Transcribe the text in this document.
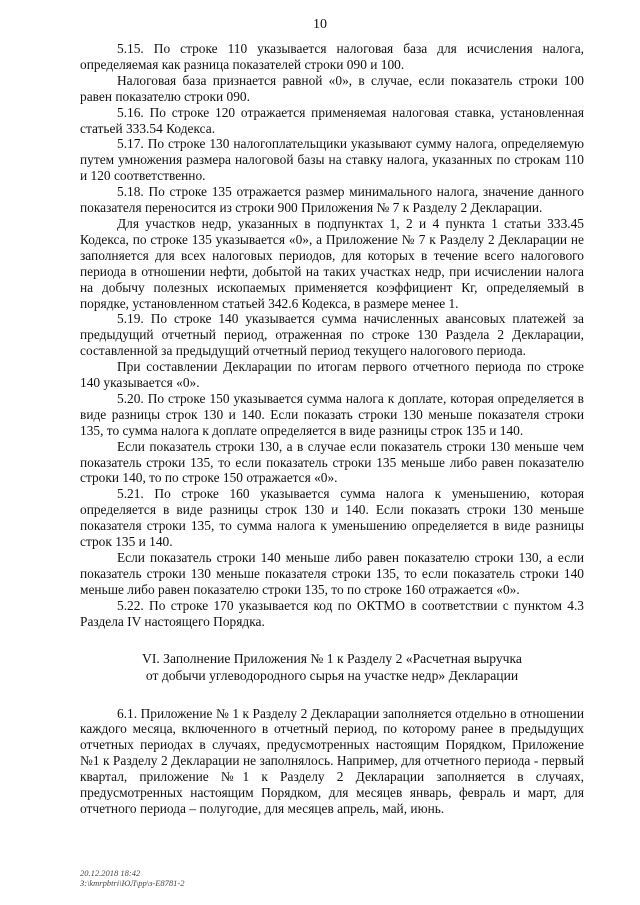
10

5.15. По строке 110 указывается налоговая база для исчисления налога, определяемая как разница показателей строки 090 и 100.

Налоговая база признается равной «0», в случае, если показатель строки 100 равен показателю строки 090.

5.16. По строке 120 отражается применяемая налоговая ставка, установленная статьей 333.54 Кодекса.

5.17. По строке 130 налогоплательщики указывают сумму налога, определяемую путем умножения размера налоговой базы на ставку налога, указанных по строкам 110 и 120 соответственно.

5.18. По строке 135 отражается размер минимального налога, значение данного показателя переносится из строки 900 Приложения № 7 к Разделу 2 Декларации.

Для участков недр, указанных в подпунктах 1, 2 и 4 пункта 1 статьи 333.45 Кодекса, по строке 135 указывается «0», а Приложение № 7 к Разделу 2 Декларации не заполняется для всех налоговых периодов, для которых в течение всего налогового периода в отношении нефти, добытой на таких участках недр, при исчислении налога на добычу полезных ископаемых применяется коэффициент Кг, определяемый в порядке, установленном статьей 342.6 Кодекса, в размере менее 1.

5.19. По строке 140 указывается сумма начисленных авансовых платежей за предыдущий отчетный период, отраженная по строке 130 Раздела 2 Декларации, составленной за предыдущий отчетный период текущего налогового периода.

При составлении Декларации по итогам первого отчетного периода по строке 140 указывается «0».

5.20. По строке 150 указывается сумма налога к доплате, которая определяется в виде разницы строк 130 и 140. Если показать строки 130 меньше показателя строки 135, то сумма налога к доплате определяется в виде разницы строк 135 и 140.

Если показатель строки 130, а в случае если показатель строки 130 меньше чем показатель строки 135, то если показатель строки 135 меньше либо равен показателю строки 140, то по строке 150 отражается «0».

5.21. По строке 160 указывается сумма налога к уменьшению, которая определяется в виде разницы строк 130 и 140. Если показать строки 130 меньше показателя строки 135, то сумма налога к уменьшению определяется в виде разницы строк 135 и 140.

Если показатель строки 140 меньше либо равен показателю строки 130, а если показатель строки 130 меньше показателя строки 135, то если показатель строки 140 меньше либо равен показателю строки 135, то по строке 160 отражается «0».

5.22. По строке 170 указывается код по ОКТМО в соответствии с пунктом 4.3 Раздела IV настоящего Порядка.

VI. Заполнение Приложения № 1 к Разделу 2 «Расчетная выручка
от добычи углеводородного сырья на участке недр» Декларации

6.1. Приложение № 1 к Разделу 2 Декларации заполняется отдельно в отношении каждого месяца, включенного в отчетный период, по которому ранее в предыдущих отчетных периодах в случаях, предусмотренных настоящим Порядком, Приложение №1 к Разделу 2 Декларации не заполнялось. Например, для отчетного периода - первый квартал, приложение №1 к Разделу 2 Декларации заполняется в случаях, предусмотренных настоящим Порядком, для месяцев январь, февраль и март, для отчетного периода – полугодие, для месяцев апрель, май, июнь.

20.12.2018 18:42
З:\kmrpbtri\ЮЛ\рр\з-Е8781-2
